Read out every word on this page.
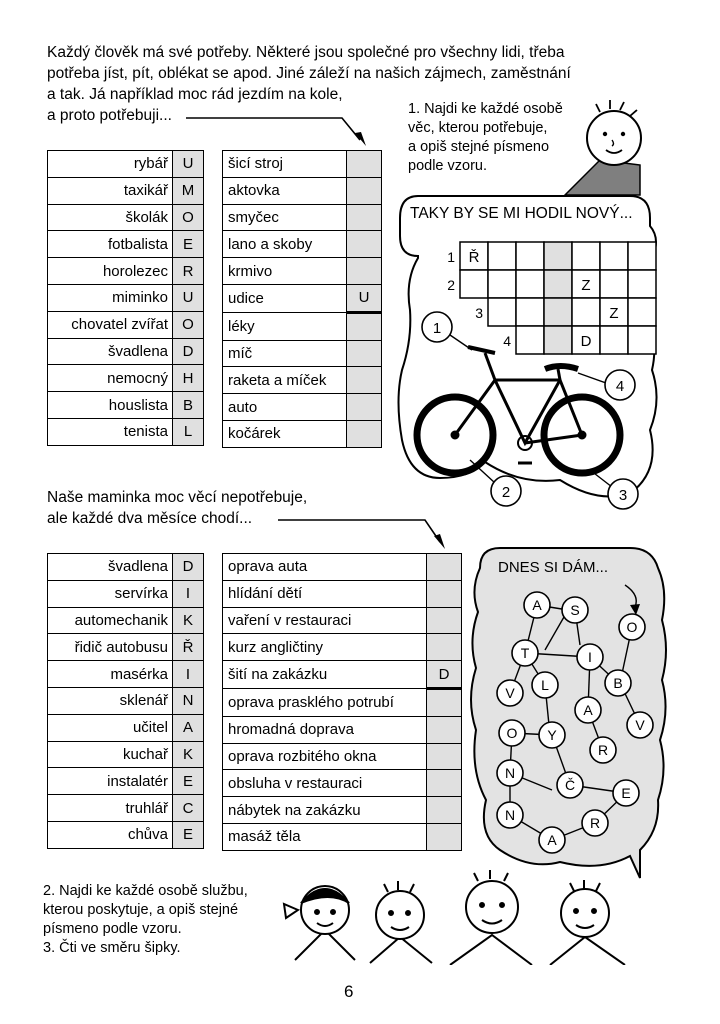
Každý člověk má své potřeby. Některé jsou společné pro všechny lidi, třeba
potřeba jíst, pít, oblékat se apod. Jiné záleží na našich zájmech, zaměstnání
a tak. Já například moc rád jezdím na kole,
a proto potřebuji...	1. Najdi ke každé osobě
věc, kterou potřebuje,
a opiš stejné písmeno
podle vzoru.
rybář	U
taxikář	M
školák	O
fotbalista	E
horolezec	R
miminko	U
chovatel zvířat	O
švadlena	D
nemocný	H
houslista	B
tenista	L
šicí stroj	
aktovka	
smyčec	
lano a skoby	
krmivo	
udice	U
léky	
míč	
raketa a míček	
auto	
kočárek	
TAKY BY SE MI HODIL NOVÝ...
1 Ř
2	Z
3	Z
4	D
1
2	3
4
Naše maminka moc věcí nepotřebuje,
ale každé dva měsíce chodí...
švadlena	D
servírka	I
automechanik	K
řidič autobusu	Ř
masérka	I
sklenář	N
učitel	A
kuchař	K
instalatér	E
truhlář	C
chůva	E
oprava auta	
hlídání dětí	
vaření v restauraci	
kurz angličtiny	
šití na zakázku	D
oprava prasklého potrubí	
hromadná doprava	
oprava rozbitého okna	
obsluha v restauraci	
nábytek na zakázku	
masáž těla	
DNES SI DÁM...
A S
O
T	I
V L	B
A
V
O Y
R
N
Č	E
N	R
A
2. Najdi ke každé osobě službu,
kterou poskytuje, a opiš stejné
písmeno podle vzoru.
3. Čti ve směru šipky.
6
